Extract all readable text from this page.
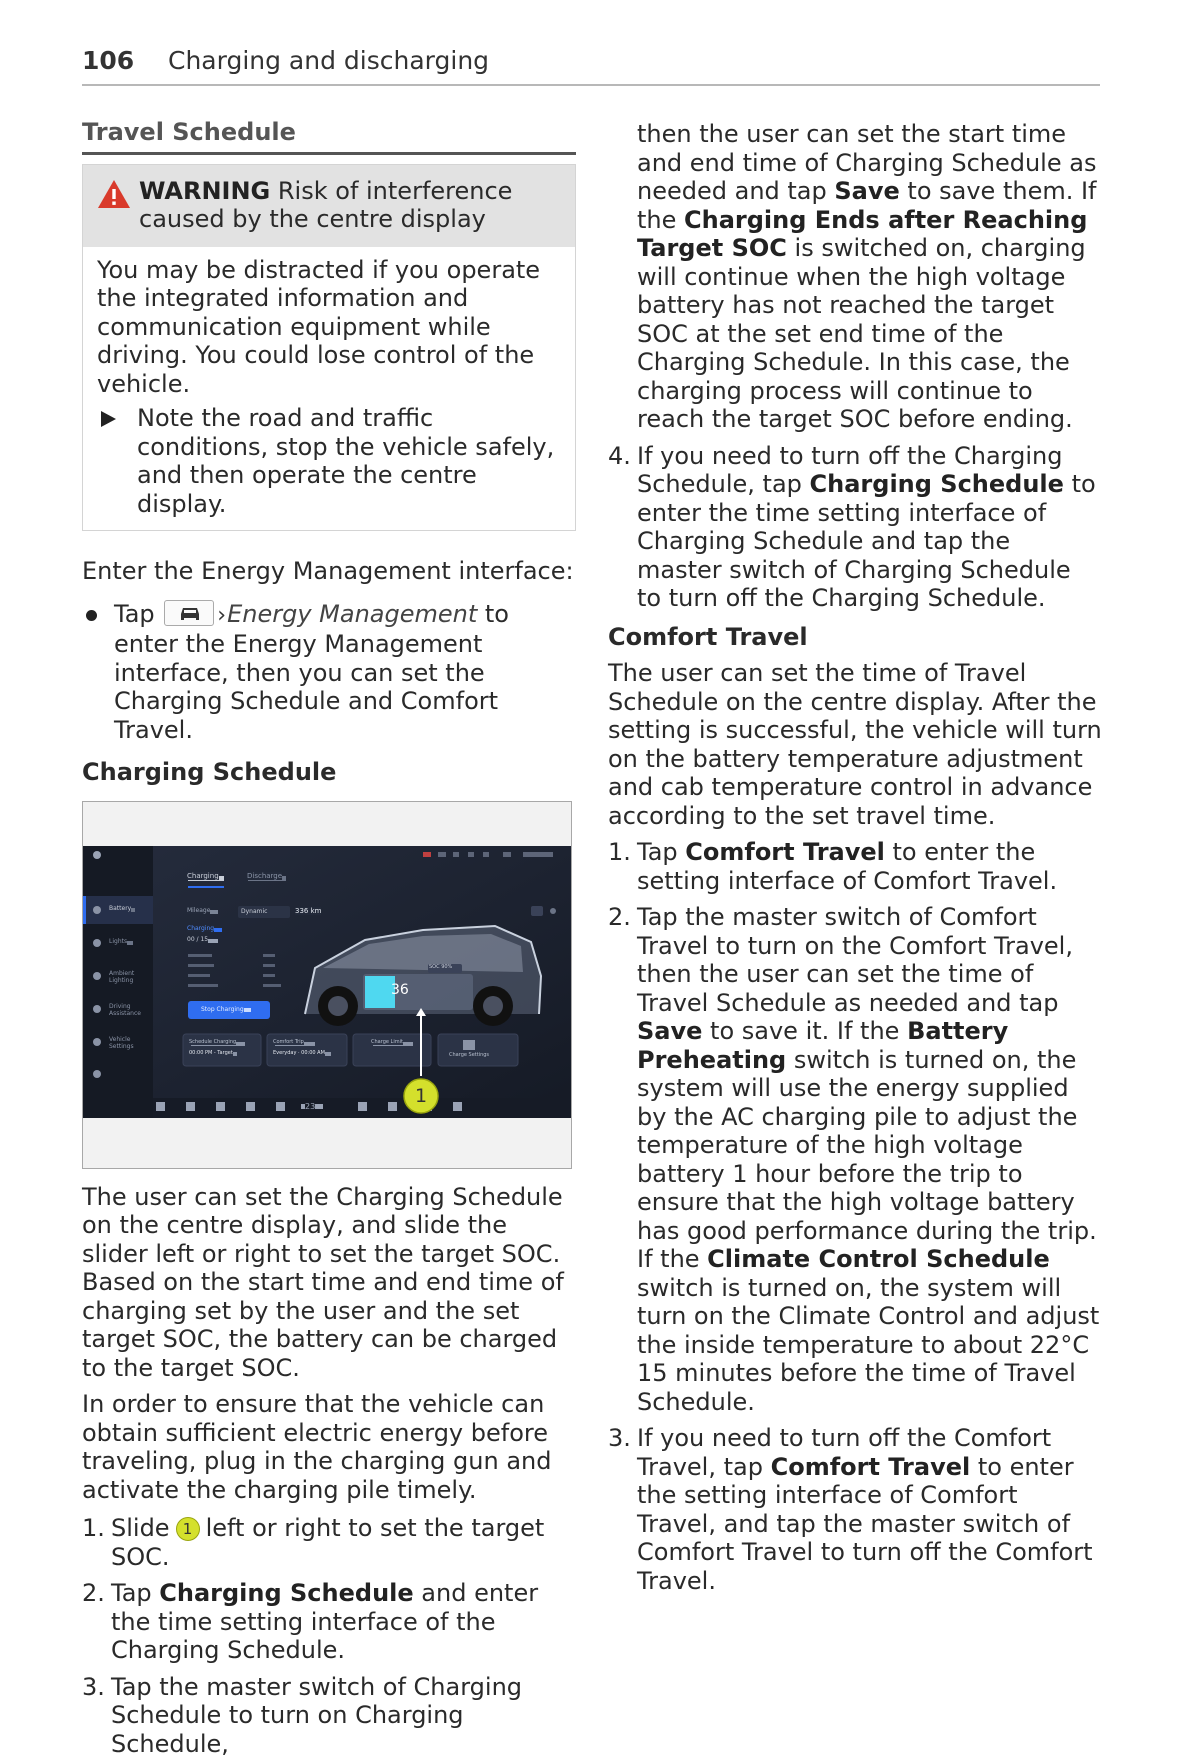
106 Charging and discharging
Travel Schedule
WARNING Risk of interference caused by the centre display

You may be distracted if you operate the integrated information and communication equipment while driving. You could lose control of the vehicle.

Note the road and traffic conditions, stop the vehicle safely, and then operate the centre display.

Enter the Energy Management interface:

Tap	›Energy Management to enter the Energy Management interface, then you can set the Charging Schedule and Comfort Travel.
Charging Schedule
Charging	Discharge
Battery
Lights
Ambient Lighting
Driving Assistance
Vehicle Settings
Mileage	Dynamic	336 km
Charging
00 / 15
Stop Charging
SOC 90%
36
Schedule Charging
00:00 PM - Target
Comfort Trip
Everyday · 00:00 AM
Charge Limit
Charge Settings
23	1

The user can set the Charging Schedule on the centre display, and slide the slider left or right to set the target SOC. Based on the start time and end time of charging set by the user and the set target SOC, the battery can be charged to the target SOC.

In order to ensure that the vehicle can obtain sufficient electric energy before traveling, plug in the charging gun and activate the charging pile timely.

1. Slide 1 left or right to set the target SOC.
2. Tap Charging Schedule and enter the time setting interface of the Charging Schedule.
3. Tap the master switch of Charging Schedule to turn on Charging Schedule,
then the user can set the start time and end time of Charging Schedule as needed and tap Save to save them. If the Charging Ends after Reaching Target SOC is switched on, charging will continue when the high voltage battery has not reached the target SOC at the set end time of the Charging Schedule. In this case, the charging process will continue to reach the target SOC before ending.
4. If you need to turn off the Charging Schedule, tap Charging Schedule to enter the time setting interface of Charging Schedule and tap the master switch of Charging Schedule to turn off the Charging Schedule.
Comfort Travel

The user can set the time of Travel Schedule on the centre display. After the setting is successful, the vehicle will turn on the battery temperature adjustment and cab temperature control in advance according to the set travel time.

1. Tap Comfort Travel to enter the setting interface of Comfort Travel.
2. Tap the master switch of Comfort Travel to turn on the Comfort Travel, then the user can set the time of Travel Schedule as needed and tap Save to save it. If the Battery Preheating switch is turned on, the system will use the energy supplied by the AC charging pile to adjust the temperature of the high voltage battery 1 hour before the trip to ensure that the high voltage battery has good performance during the trip. If the Climate Control Schedule switch is turned on, the system will turn on the Climate Control and adjust the inside temperature to about 22°C 15 minutes before the time of Travel Schedule.
3. If you need to turn off the Comfort Travel, tap Comfort Travel to enter the setting interface of Comfort Travel, and tap the master switch of Comfort Travel to turn off the Comfort Travel.
